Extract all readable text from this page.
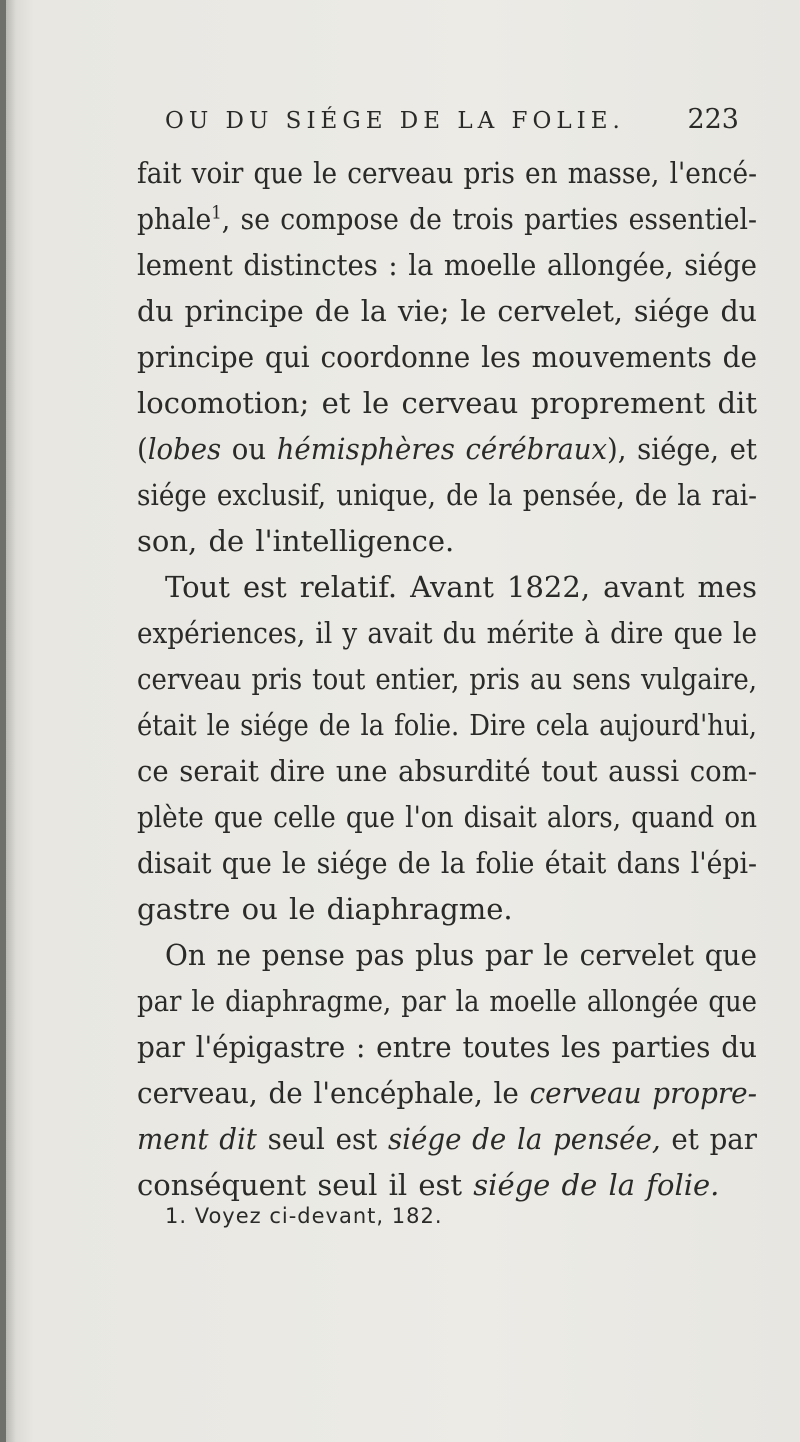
OU DU SIÉGE DE LA FOLIE. 223
fait voir que le cerveau pris en masse, l'encé-
phale$^1$, se compose de trois parties essentiel-
lement distinctes : la moelle allongée, siége
du principe de la vie; le cervelet, siége du
principe qui coordonne les mouvements de
locomotion; et le cerveau proprement dit
(lobes ou hémisphères cérébraux), siége, et
siége exclusif, unique, de la pensée, de la rai-
son, de l'intelligence.
Tout est relatif. Avant 1822, avant mes
expériences, il y avait du mérite à dire que le
cerveau pris tout entier, pris au sens vulgaire,
était le siége de la folie. Dire cela aujourd'hui,
ce serait dire une absurdité tout aussi com-
plète que celle que l'on disait alors, quand on
disait que le siége de la folie était dans l'épi-
gastre ou le diaphragme.
On ne pense pas plus par le cervelet que
par le diaphragme, par la moelle allongée que
par l'épigastre : entre toutes les parties du
cerveau, de l'encéphale, le cerveau propre-
ment dit seul est siége de la pensée, et par
conséquent seul il est siége de la folie.
1. Voyez ci-devant, 182.
